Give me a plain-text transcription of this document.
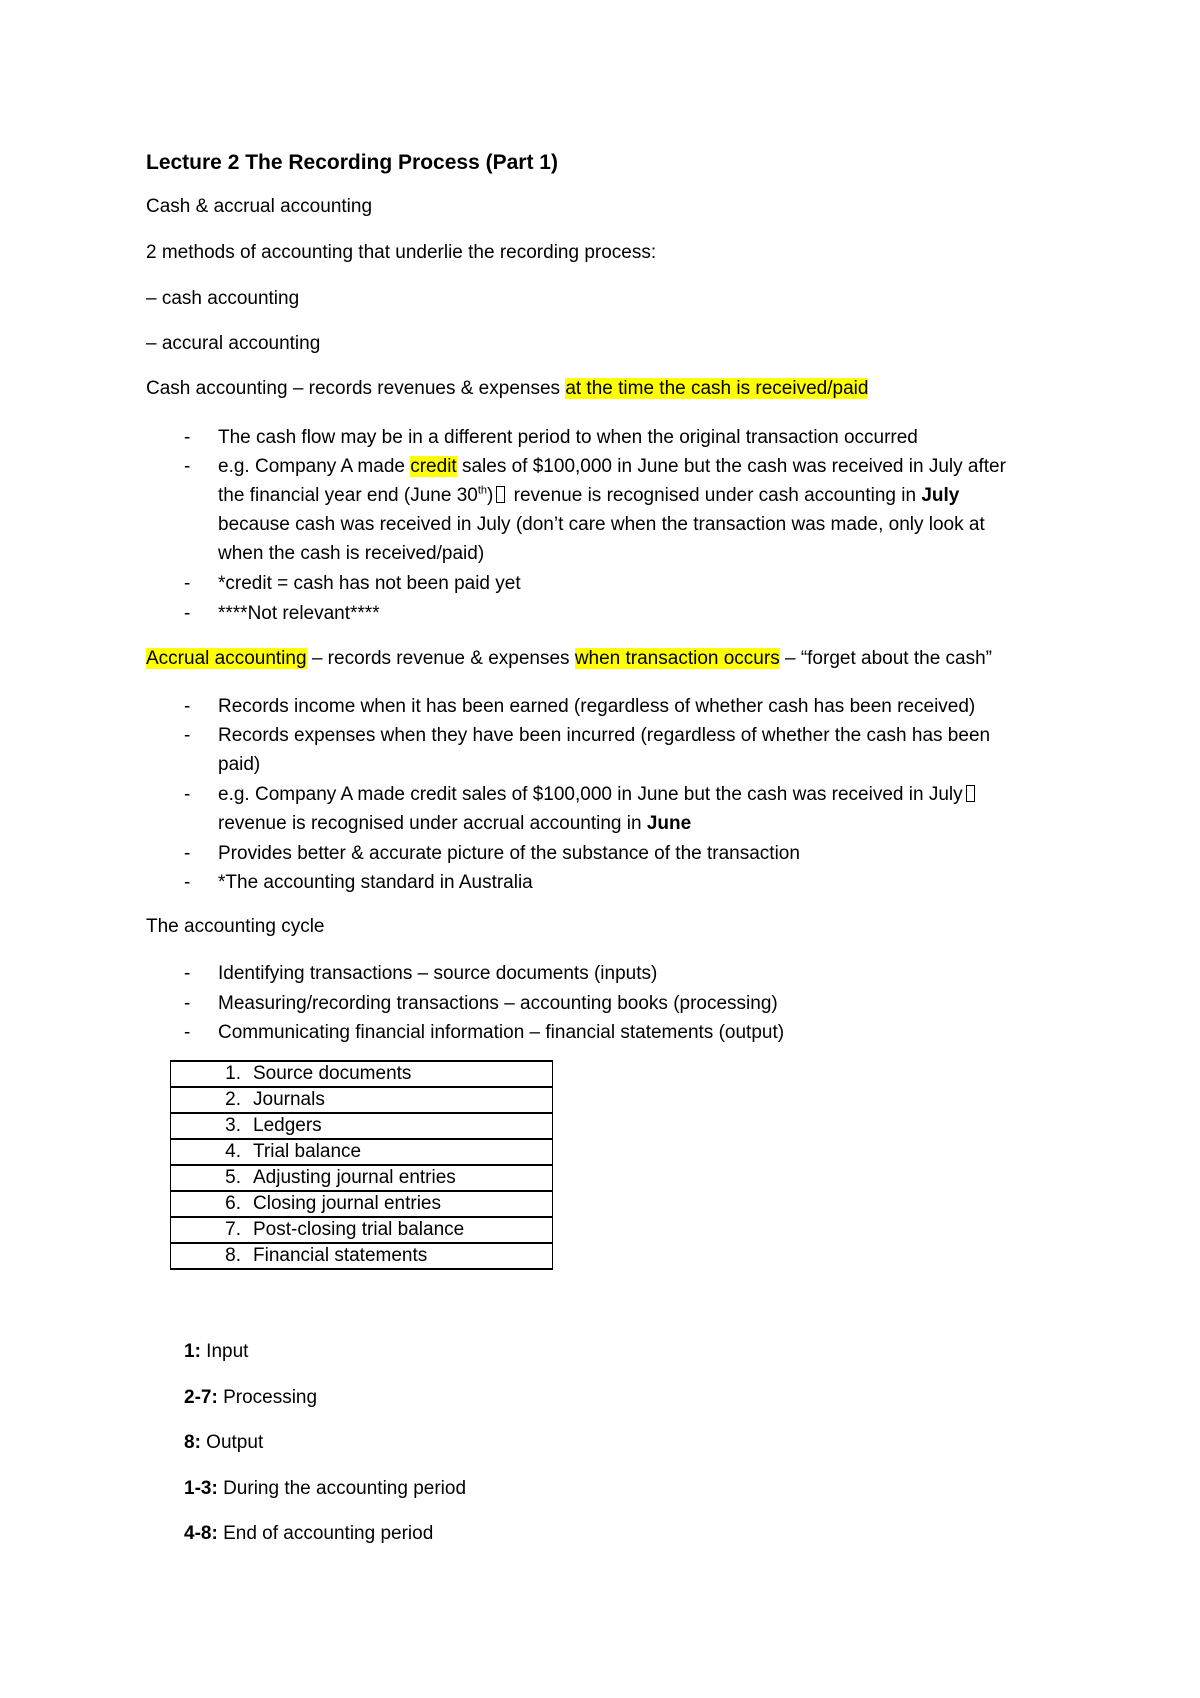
Lecture 2 The Recording Process (Part 1)
Cash & accrual accounting
2 methods of accounting that underlie the recording process:
– cash accounting
– accural accounting
Cash accounting – records revenues & expenses at the time the cash is received/paid
-	The cash flow may be in a different period to when the original transaction occurred
-	e.g. Company A made credit sales of $100,000 in June but the cash was received in July after
the financial year end (June 30th) revenue is recognised under cash accounting in July
because cash was received in July (don’t care when the transaction was made, only look at
when the cash is received/paid)
-	*credit = cash has not been paid yet
-	****Not relevant****
Accrual accounting – records revenue & expenses when transaction occurs – “forget about the cash”
-	Records income when it has been earned (regardless of whether cash has been received)
-	Records expenses when they have been incurred (regardless of whether the cash has been
paid)
-	e.g. Company A made credit sales of $100,000 in June but the cash was received in July
revenue is recognised under accrual accounting in June
-	Provides better & accurate picture of the substance of the transaction
-	*The accounting standard in Australia
The accounting cycle
-	Identifying transactions – source documents (inputs)
-	Measuring/recording transactions – accounting books (processing)
-	Communicating financial information – financial statements (output)
1. Source documents
2. Journals
3. Ledgers
4. Trial balance
5. Adjusting journal entries
6. Closing journal entries
7. Post-closing trial balance
8. Financial statements
1: Input
2-7: Processing
8: Output
1-3: During the accounting period
4-8: End of accounting period
